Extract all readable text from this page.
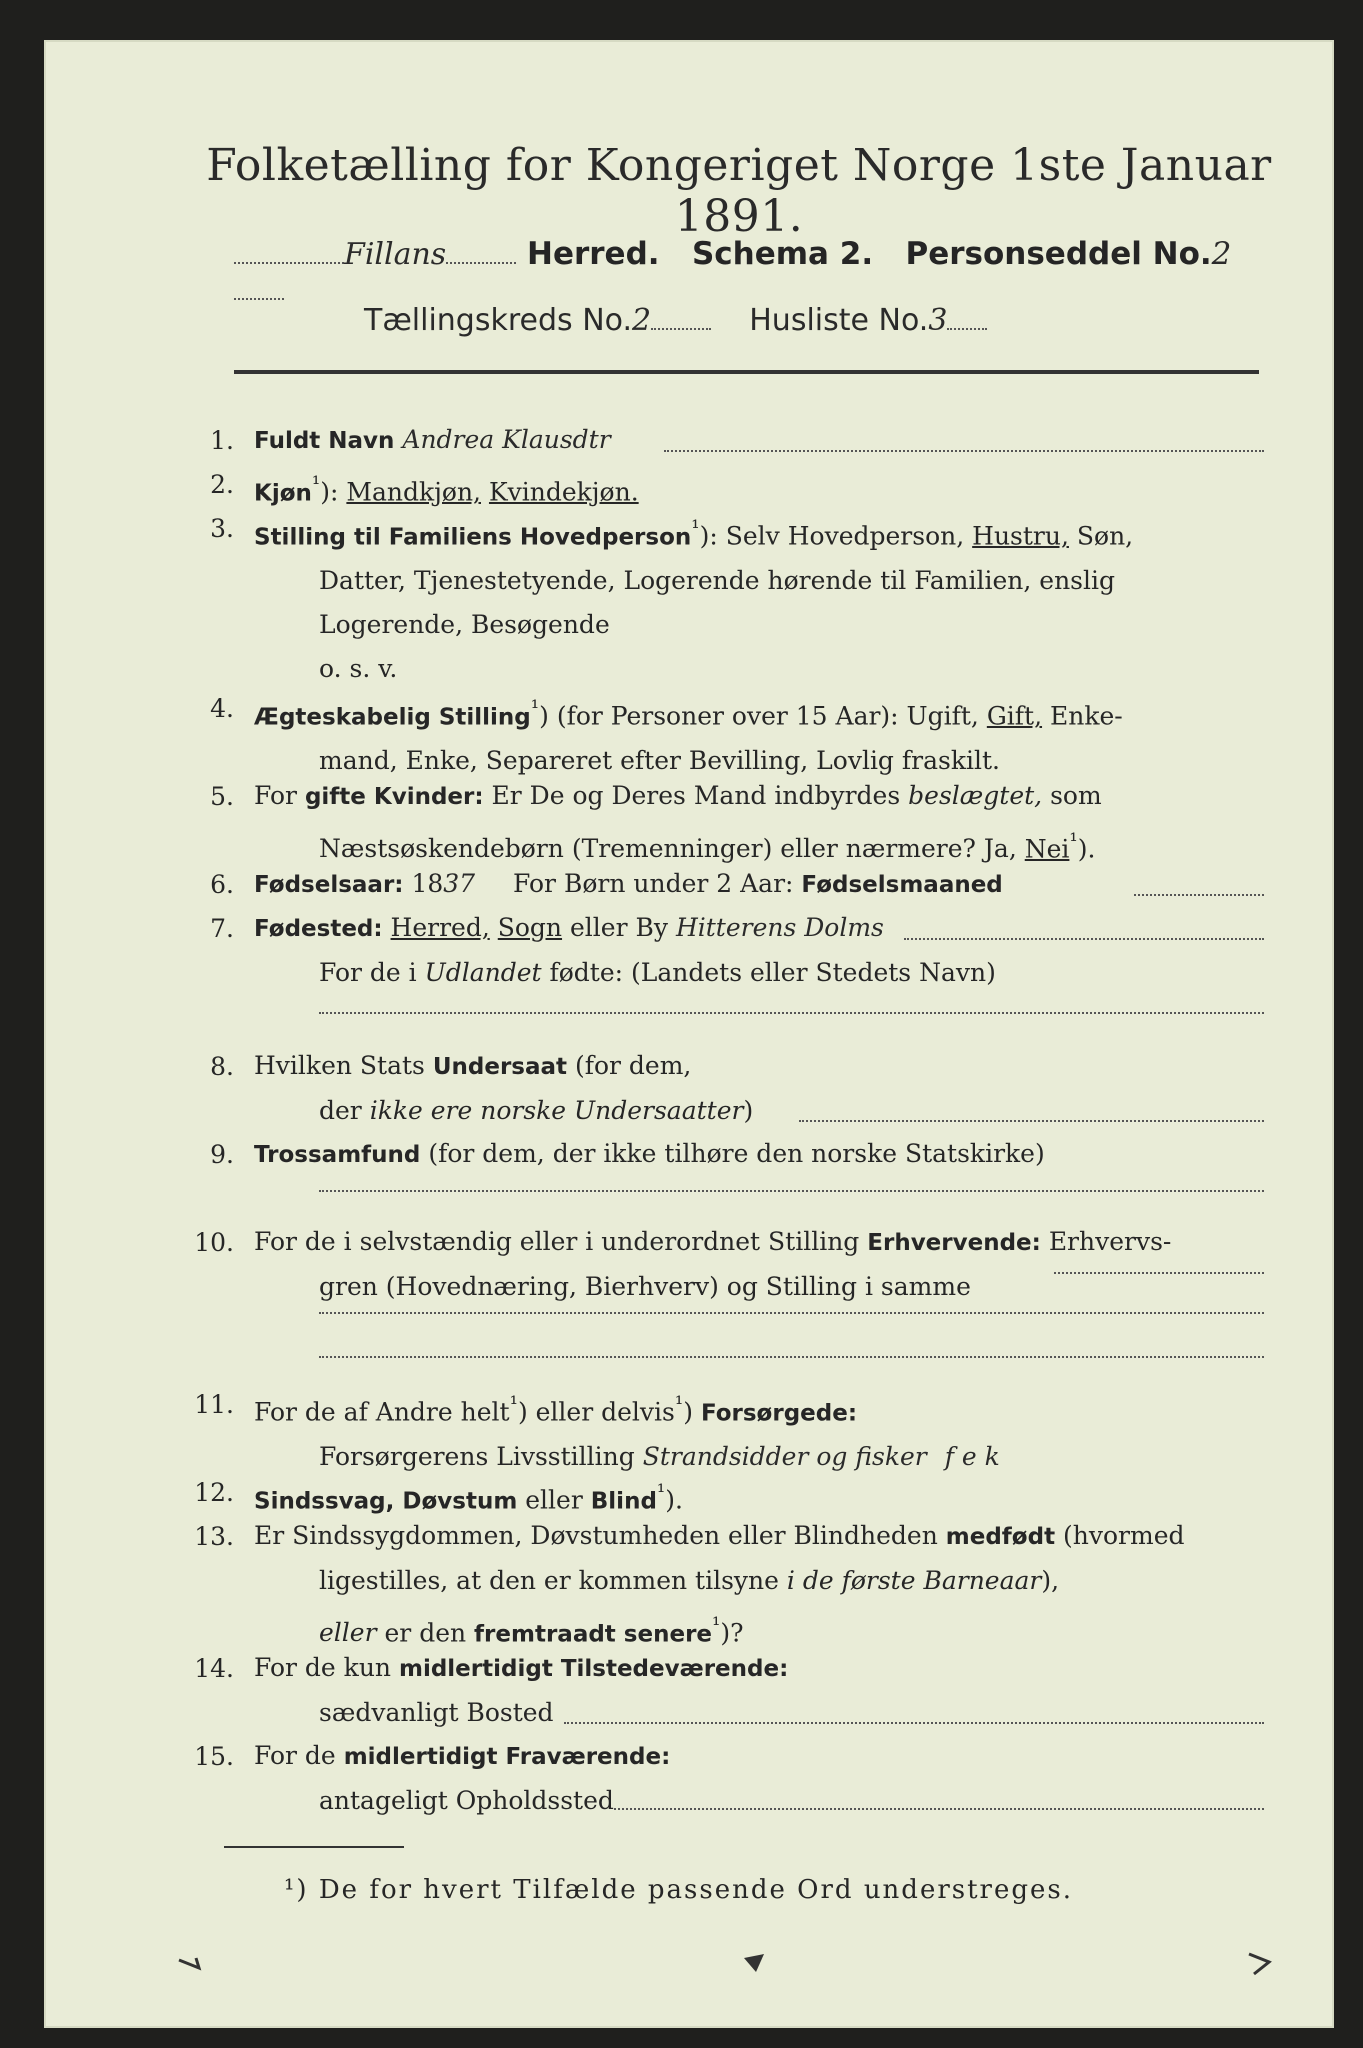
Folketælling for Kongeriget Norge 1ste Januar 1891.
Fillans	Herred. Schema 2. Personseddel No.2
Tællingskreds No.2	Husliste No.3
1. Fuldt Navn Andrea Klausdtr
2. Kjøn$^{^1}$): Mandkjøn, Kvindekjøn.
3. Stilling til Familiens Hovedperson$^{^1}$): Selv Hovedperson, Hustru, Søn,
Datter, Tjenestetyende, Logerende hørende til Familien, enslig
Logerende, Besøgende
o. s. v.
4. Ægteskabelig Stilling$^{^1}$) (for Personer over 15 Aar): Ugift, Gift, Enke-
mand, Enke, Separeret efter Bevilling, Lovlig fraskilt.
5. For gifte Kvinder: Er De og Deres Mand indbyrdes beslægtet, som
Næstsøskendebørn (Tremenninger) eller nærmere? Ja, Nei$^{^1}$).
6. Fødselsaar: 1837 For Børn under 2 Aar: Fødselsmaaned
7. Fødested: Herred, Sogn eller By Hitterens Dolms
For de i Udlandet fødte: (Landets eller Stedets Navn)
8. Hvilken Stats Undersaat (for dem,
der ikke ere norske Undersaatter)
9. Trossamfund (for dem, der ikke tilhøre den norske Statskirke)
10. For de i selvstændig eller i underordnet Stilling Erhvervende: Erhvervs-
gren (Hovednæring, Bierhverv) og Stilling i samme
11. For de af Andre helt$^{^1}$) eller delvis$^{^1}$) Forsørgede:
Forsørgerens Livsstilling Strandsidder og fisker f e k
12. Sindssvag, Døvstum eller Blind$^{^1}$).
13. Er Sindssygdommen, Døvstumheden eller Blindheden medfødt (hvormed
ligestilles, at den er kommen tilsyne i de første Barneaar),
eller er den fremtraadt senere$^{^1}$)?
14. For de kun midlertidigt Tilstedeværende:
sædvanligt Bosted
15. For de midlertidigt Fraværende:
antageligt Opholdssted
¹) De for hvert Tilfælde passende Ord understreges.
